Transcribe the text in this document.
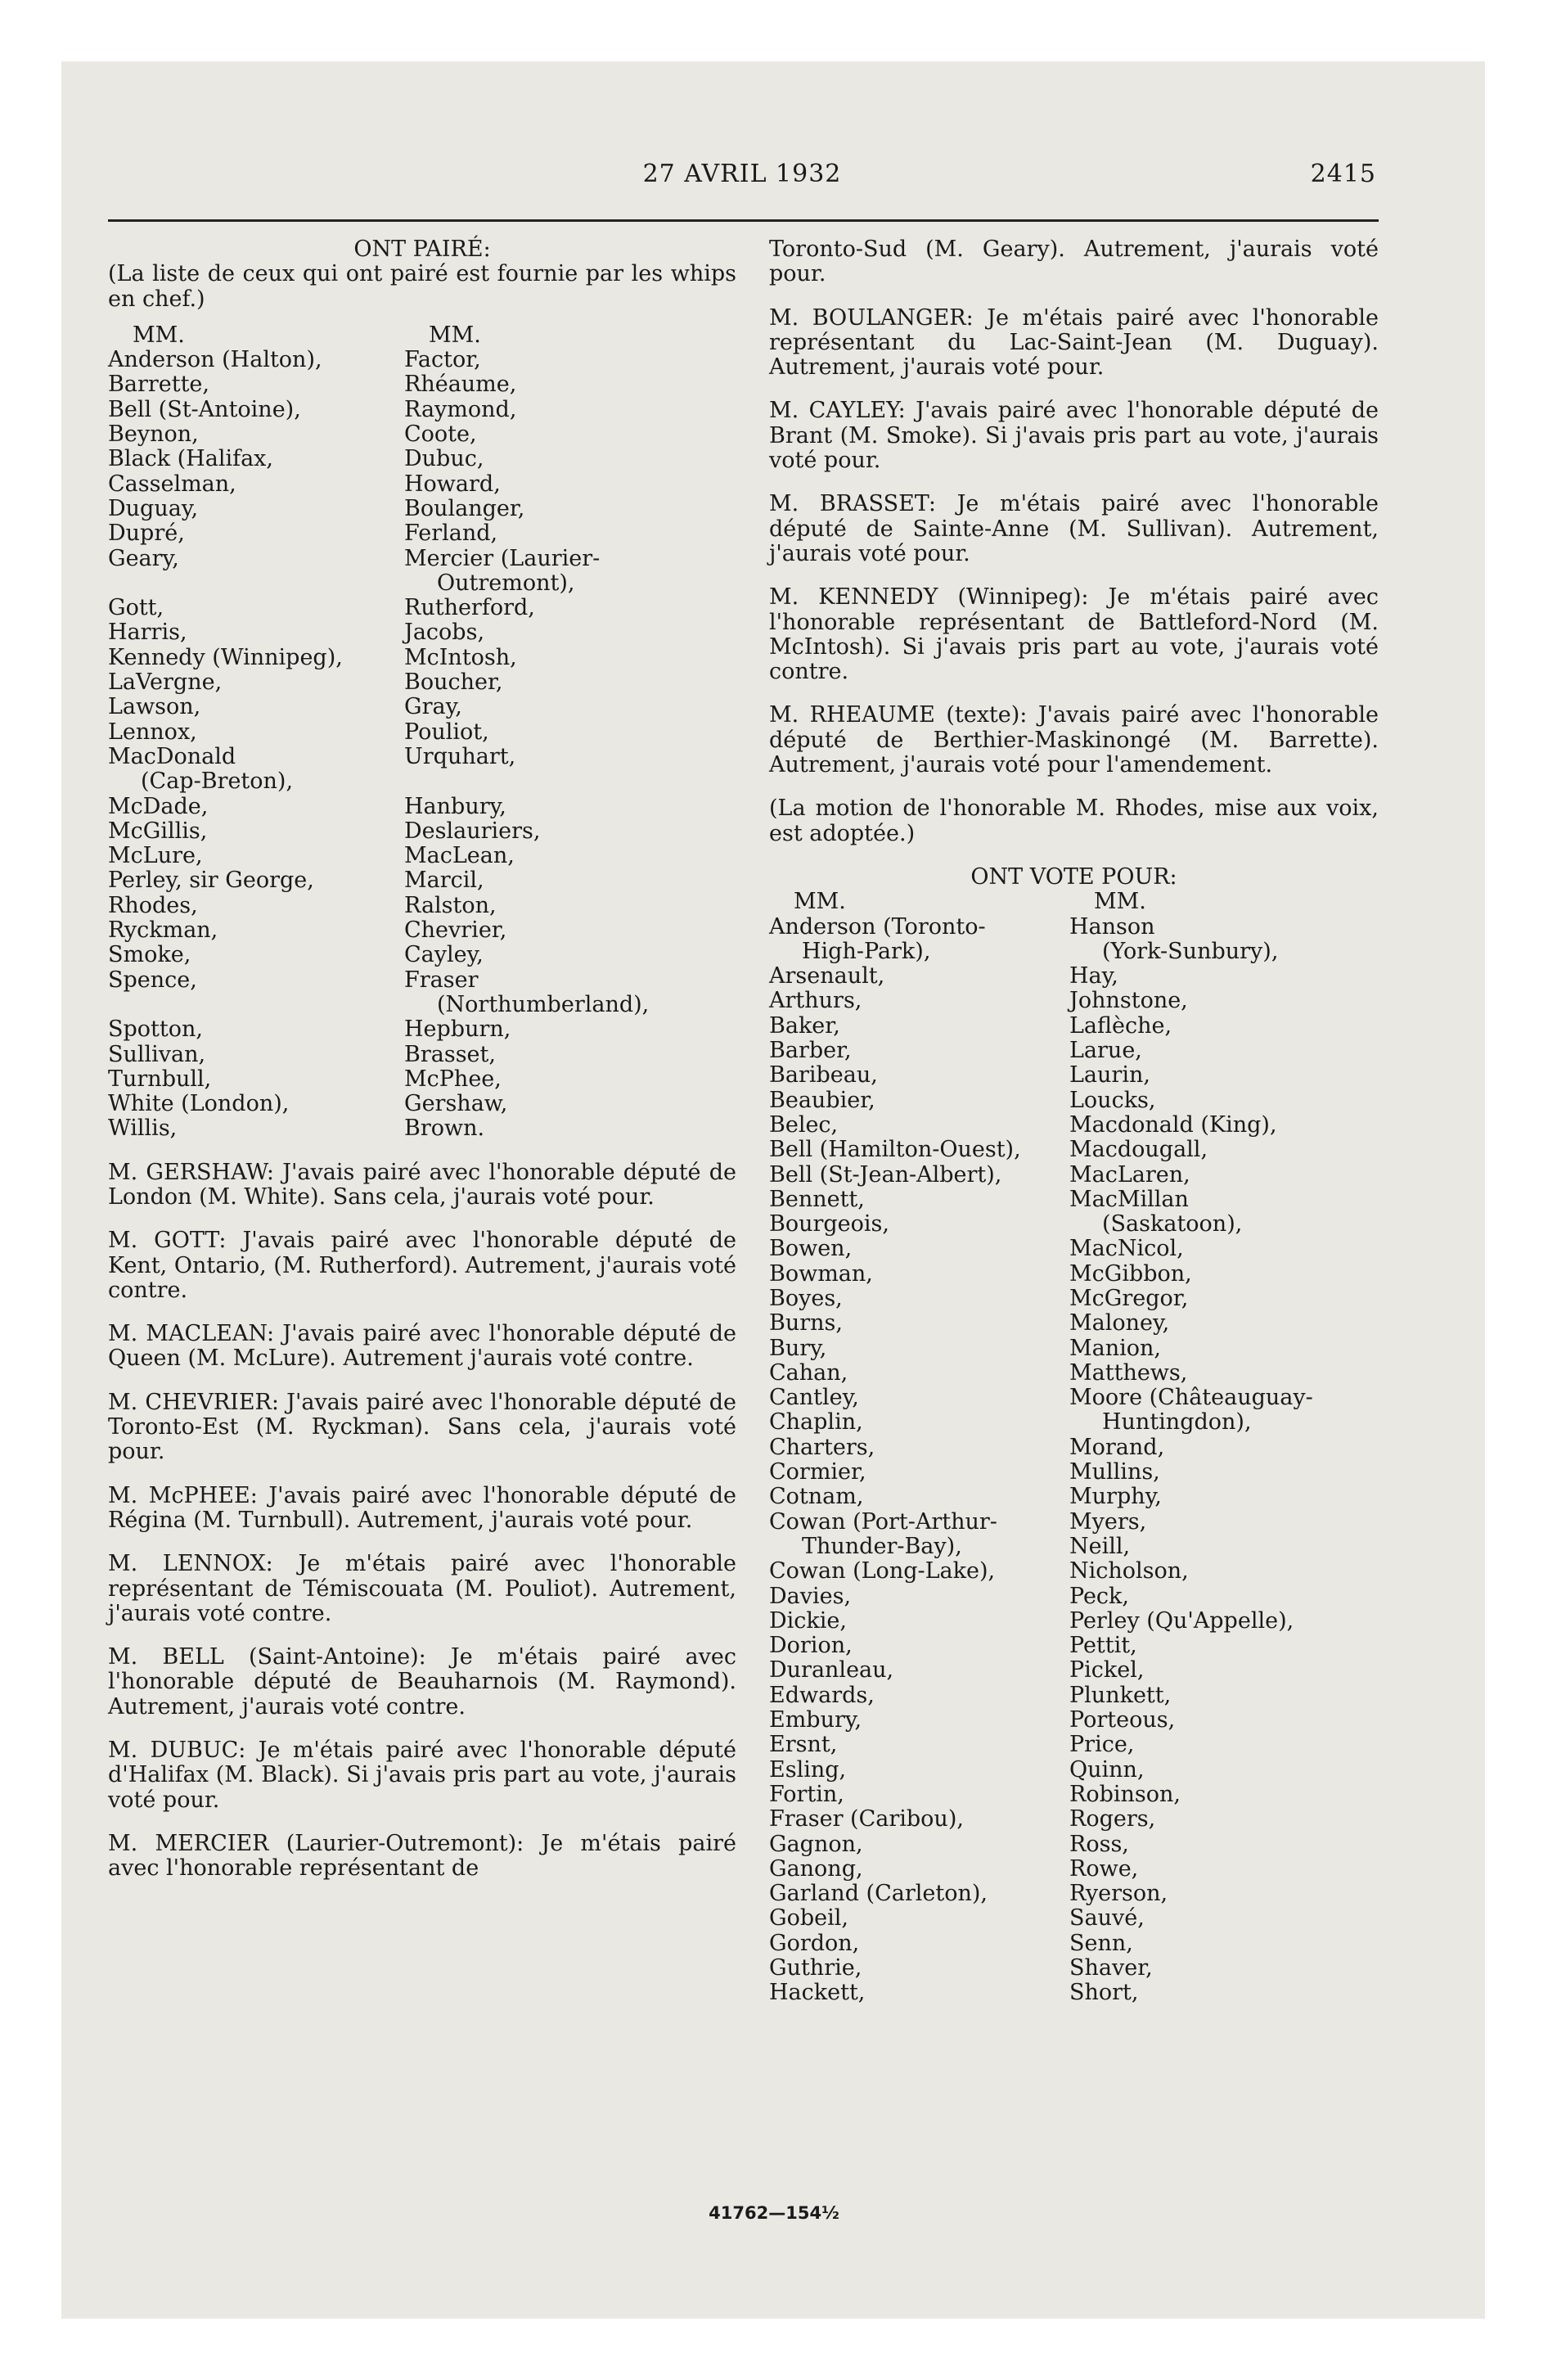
27 AVRIL 1932	2415

ONT PAIRÉ:

(La liste de ceux qui ont pairé est fournie par les whips en chef.)

MM.
Anderson (Halton),
Barrette,
Bell (St-Antoine),
Beynon,
Black (Halifax,
Casselman,
Duguay,
Dupré,
Geary,
Gott,
Harris,
Kennedy (Winnipeg),
LaVergne,
Lawson,
Lennox,
MacDonald
(Cap-Breton),
McDade,
McGillis,
McLure,
Perley, sir George,
Rhodes,
Ryckman,
Smoke,
Spence,
Spotton,
Sullivan,
Turnbull,
White (London),
Willis,
MM.
Factor,
Rhéaume,
Raymond,
Coote,
Dubuc,
Howard,
Boulanger,
Ferland,
Mercier (Laurier-
Outremont),
Rutherford,
Jacobs,
McIntosh,
Boucher,
Gray,
Pouliot,
Urquhart,
Hanbury,
Deslauriers,
MacLean,
Marcil,
Ralston,
Chevrier,
Cayley,
Fraser
(Northumberland),
Hepburn,
Brasset,
McPhee,
Gershaw,
Brown.

M. GERSHAW: J'avais pairé avec l'honorable député de London (M. White). Sans cela, j'aurais voté pour.

M. GOTT: J'avais pairé avec l'honorable député de Kent, Ontario, (M. Rutherford). Autrement, j'aurais voté contre.

M. MACLEAN: J'avais pairé avec l'honorable député de Queen (M. McLure). Autrement j'aurais voté contre.

M. CHEVRIER: J'avais pairé avec l'honorable député de Toronto-Est (M. Ryckman). Sans cela, j'aurais voté pour.

M. McPHEE: J'avais pairé avec l'honorable député de Régina (M. Turnbull). Autrement, j'aurais voté pour.

M. LENNOX: Je m'étais pairé avec l'honorable représentant de Témiscouata (M. Pouliot). Autrement, j'aurais voté contre.

M. BELL (Saint-Antoine): Je m'étais pairé avec l'honorable député de Beauharnois (M. Raymond). Autrement, j'aurais voté contre.

M. DUBUC: Je m'étais pairé avec l'honorable député d'Halifax (M. Black). Si j'avais pris part au vote, j'aurais voté pour.

M. MERCIER (Laurier-Outremont): Je m'étais pairé avec l'honorable représentant de

Toronto-Sud (M. Geary). Autrement, j'aurais voté pour.

M. BOULANGER: Je m'étais pairé avec l'honorable représentant du Lac-Saint-Jean (M. Duguay). Autrement, j'aurais voté pour.

M. CAYLEY: J'avais pairé avec l'honorable député de Brant (M. Smoke). Si j'avais pris part au vote, j'aurais voté pour.

M. BRASSET: Je m'étais pairé avec l'honorable député de Sainte-Anne (M. Sullivan). Autrement, j'aurais voté pour.

M. KENNEDY (Winnipeg): Je m'étais pairé avec l'honorable représentant de Battleford-Nord (M. McIntosh). Si j'avais pris part au vote, j'aurais voté contre.

M. RHEAUME (texte): J'avais pairé avec l'honorable député de Berthier-Maskinongé (M. Barrette). Autrement, j'aurais voté pour l'amendement.

(La motion de l'honorable M. Rhodes, mise aux voix, est adoptée.)

ONT VOTE POUR:

MM.
Anderson (Toronto-
High-Park),
Arsenault,
Arthurs,
Baker,
Barber,
Baribeau,
Beaubier,
Belec,
Bell (Hamilton-Ouest),
Bell (St-Jean-Albert),
Bennett,
Bourgeois,
Bowen,
Bowman,
Boyes,
Burns,
Bury,
Cahan,
Cantley,
Chaplin,
Charters,
Cormier,
Cotnam,
Cowan (Port-Arthur-
Thunder-Bay),
Cowan (Long-Lake),
Davies,
Dickie,
Dorion,
Duranleau,
Edwards,
Embury,
Ersnt,
Esling,
Fortin,
Fraser (Caribou),
Gagnon,
Ganong,
Garland (Carleton),
Gobeil,
Gordon,
Guthrie,
Hackett,
MM.
Hanson
(York-Sunbury),
Hay,
Johnstone,
Laflèche,
Larue,
Laurin,
Loucks,
Macdonald (King),
Macdougall,
MacLaren,
MacMillan
(Saskatoon),
MacNicol,
McGibbon,
McGregor,
Maloney,
Manion,
Matthews,
Moore (Châteauguay-
Huntingdon),
Morand,
Mullins,
Murphy,
Myers,
Neill,
Nicholson,
Peck,
Perley (Qu'Appelle),
Pettit,
Pickel,
Plunkett,
Porteous,
Price,
Quinn,
Robinson,
Rogers,
Ross,
Rowe,
Ryerson,
Sauvé,
Senn,
Shaver,
Short,
41762—154½
